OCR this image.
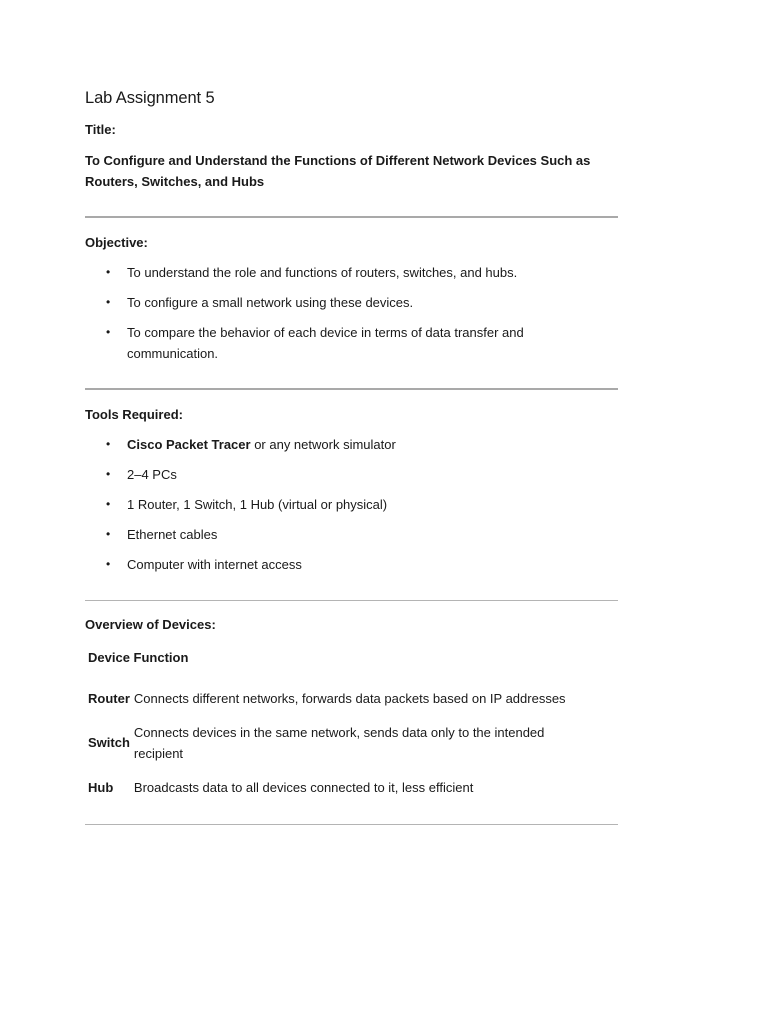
Lab Assignment 5

Title:

To Configure and Understand the Functions of Different Network Devices Such as Routers, Switches, and Hubs

Objective:

• To understand the role and functions of routers, switches, and hubs.
• To configure a small network using these devices.
• To compare the behavior of each device in terms of data transfer and communication.

Tools Required:

• Cisco Packet Tracer or any network simulator
• 2–4 PCs
• 1 Router, 1 Switch, 1 Hub (virtual or physical)
• Ethernet cables
• Computer with internet access

Overview of Devices:

Device Function	
Router	Connects different networks, forwards data packets based on IP addresses
Switch	Connects devices in the same network, sends data only to the intended recipient
Hub	Broadcasts data to all devices connected to it, less efficient
